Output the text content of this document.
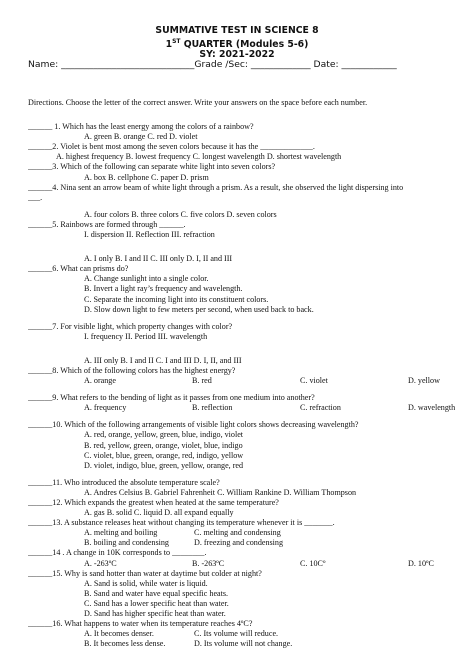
SUMMATIVE TEST IN SCIENCE 8
1ST QUARTER (Modules 5-6)
SY: 2021-2022
Name: _____________________________Grade /Sec: _____________ Date: ____________
Directions. Choose the letter of the correct answer. Write your answers on the space before each number.
______ 1. Which has the least energy among the colors of a rainbow?
A. green B. orange C. red D. violet
______2. Violet is bent most among the seven colors because it has the _____________.
A. highest frequency B. lowest frequency C. longest wavelength D. shortest wavelength
______3. Which of the following can separate white light into seven colors?
A. box B. cellphone C. paper D. prism
______4. Nina sent an arrow beam of white light through a prism. As a result, she observed the light dispersing into
___.
A. four colors B. three colors C. five colors D. seven colors
______5. Rainbows are formed through ______.
I. dispersion II. Reflection III. refraction
A. I only B. I and II C. III only D. I, II and III
______6. What can prisms do?
A. Change sunlight into a single color.
B. Invert a light ray’s frequency and wavelength.
C. Separate the incoming light into its constituent colors.
D. Slow down light to few meters per second, when used back to back.
______7. For visible light, which property changes with color?
I. frequency II. Period III. wavelength
A. III only B. I and II C. I and III D. I, II, and III
______8. Which of the following colors has the highest energy?
A. orange	B. red	C. violet	D. yellow
______9. What refers to the bending of light as it passes from one medium into another?
A. frequency	B. reflection	C. refraction	D. wavelength
______10. Which of the following arrangements of visible light colors shows decreasing wavelength?
A. red, orange, yellow, green, blue, indigo, violet
B. red, yellow, green, orange, violet, blue, indigo
C. violet, blue, green, orange, red, indigo, yellow
D. violet, indigo, blue, green, yellow, orange, red
______11. Who introduced the absolute temperature scale?
A. Andres Celsius B. Gabriel Fahrenheit C. William Rankine D. William Thompson
______12. Which expands the greatest when heated at the same temperature?
A. gas B. solid C. liquid D. all expand equally
______13. A substance releases heat without changing its temperature whenever it is _______.
A. melting and boiling	C. melting and condensing
B. boiling and condensing	D. freezing and condensing
______14 . A change in 10K corresponds to ________.
A. -263ºC	B. -263ºC	C. 10Cº	D. 10ºC
______15. Why is sand hotter than water at daytime but colder at night?
A. Sand is solid, while water is liquid.
B. Sand and water have equal specific heats.
C. Sand has a lower specific heat than water.
D. Sand has higher specific heat than water.
______16. What happens to water when its temperature reaches 4ºC?
A. It becomes denser.	C. Its volume will reduce.
B. It becomes less dense.	D. Its volume will not change.
